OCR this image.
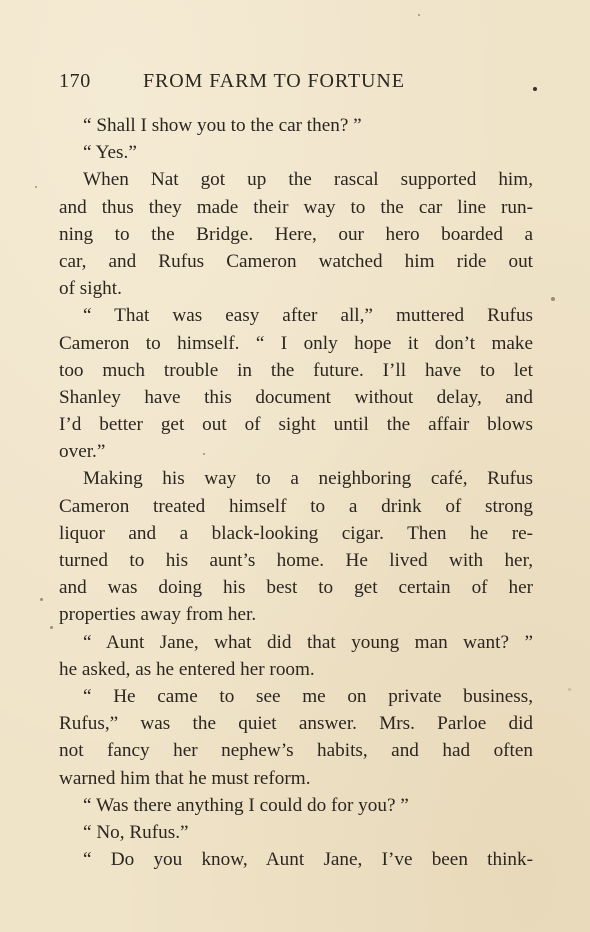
170	FROM FARM TO FORTUNE
“ Shall I show you to the car then? ”
“ Yes.”
When Nat got up the rascal supported him,
and thus they made their way to the car line run-
ning to the Bridge. Here, our hero boarded a
car, and Rufus Cameron watched him ride out
of sight.
“ That was easy after all,” muttered Rufus
Cameron to himself. “ I only hope it don’t make
too much trouble in the future. I’ll have to let
Shanley have this document without delay, and
I’d better get out of sight until the affair blows
over.”
Making his way to a neighboring café, Rufus
Cameron treated himself to a drink of strong
liquor and a black-looking cigar. Then he re-
turned to his aunt’s home. He lived with her,
and was doing his best to get certain of her
properties away from her.
“ Aunt Jane, what did that young man want? ”
he asked, as he entered her room.
“ He came to see me on private business,
Rufus,” was the quiet answer. Mrs. Parloe did
not fancy her nephew’s habits, and had often
warned him that he must reform.
“ Was there anything I could do for you? ”
“ No, Rufus.”
“ Do you know, Aunt Jane, I’ve been think-
